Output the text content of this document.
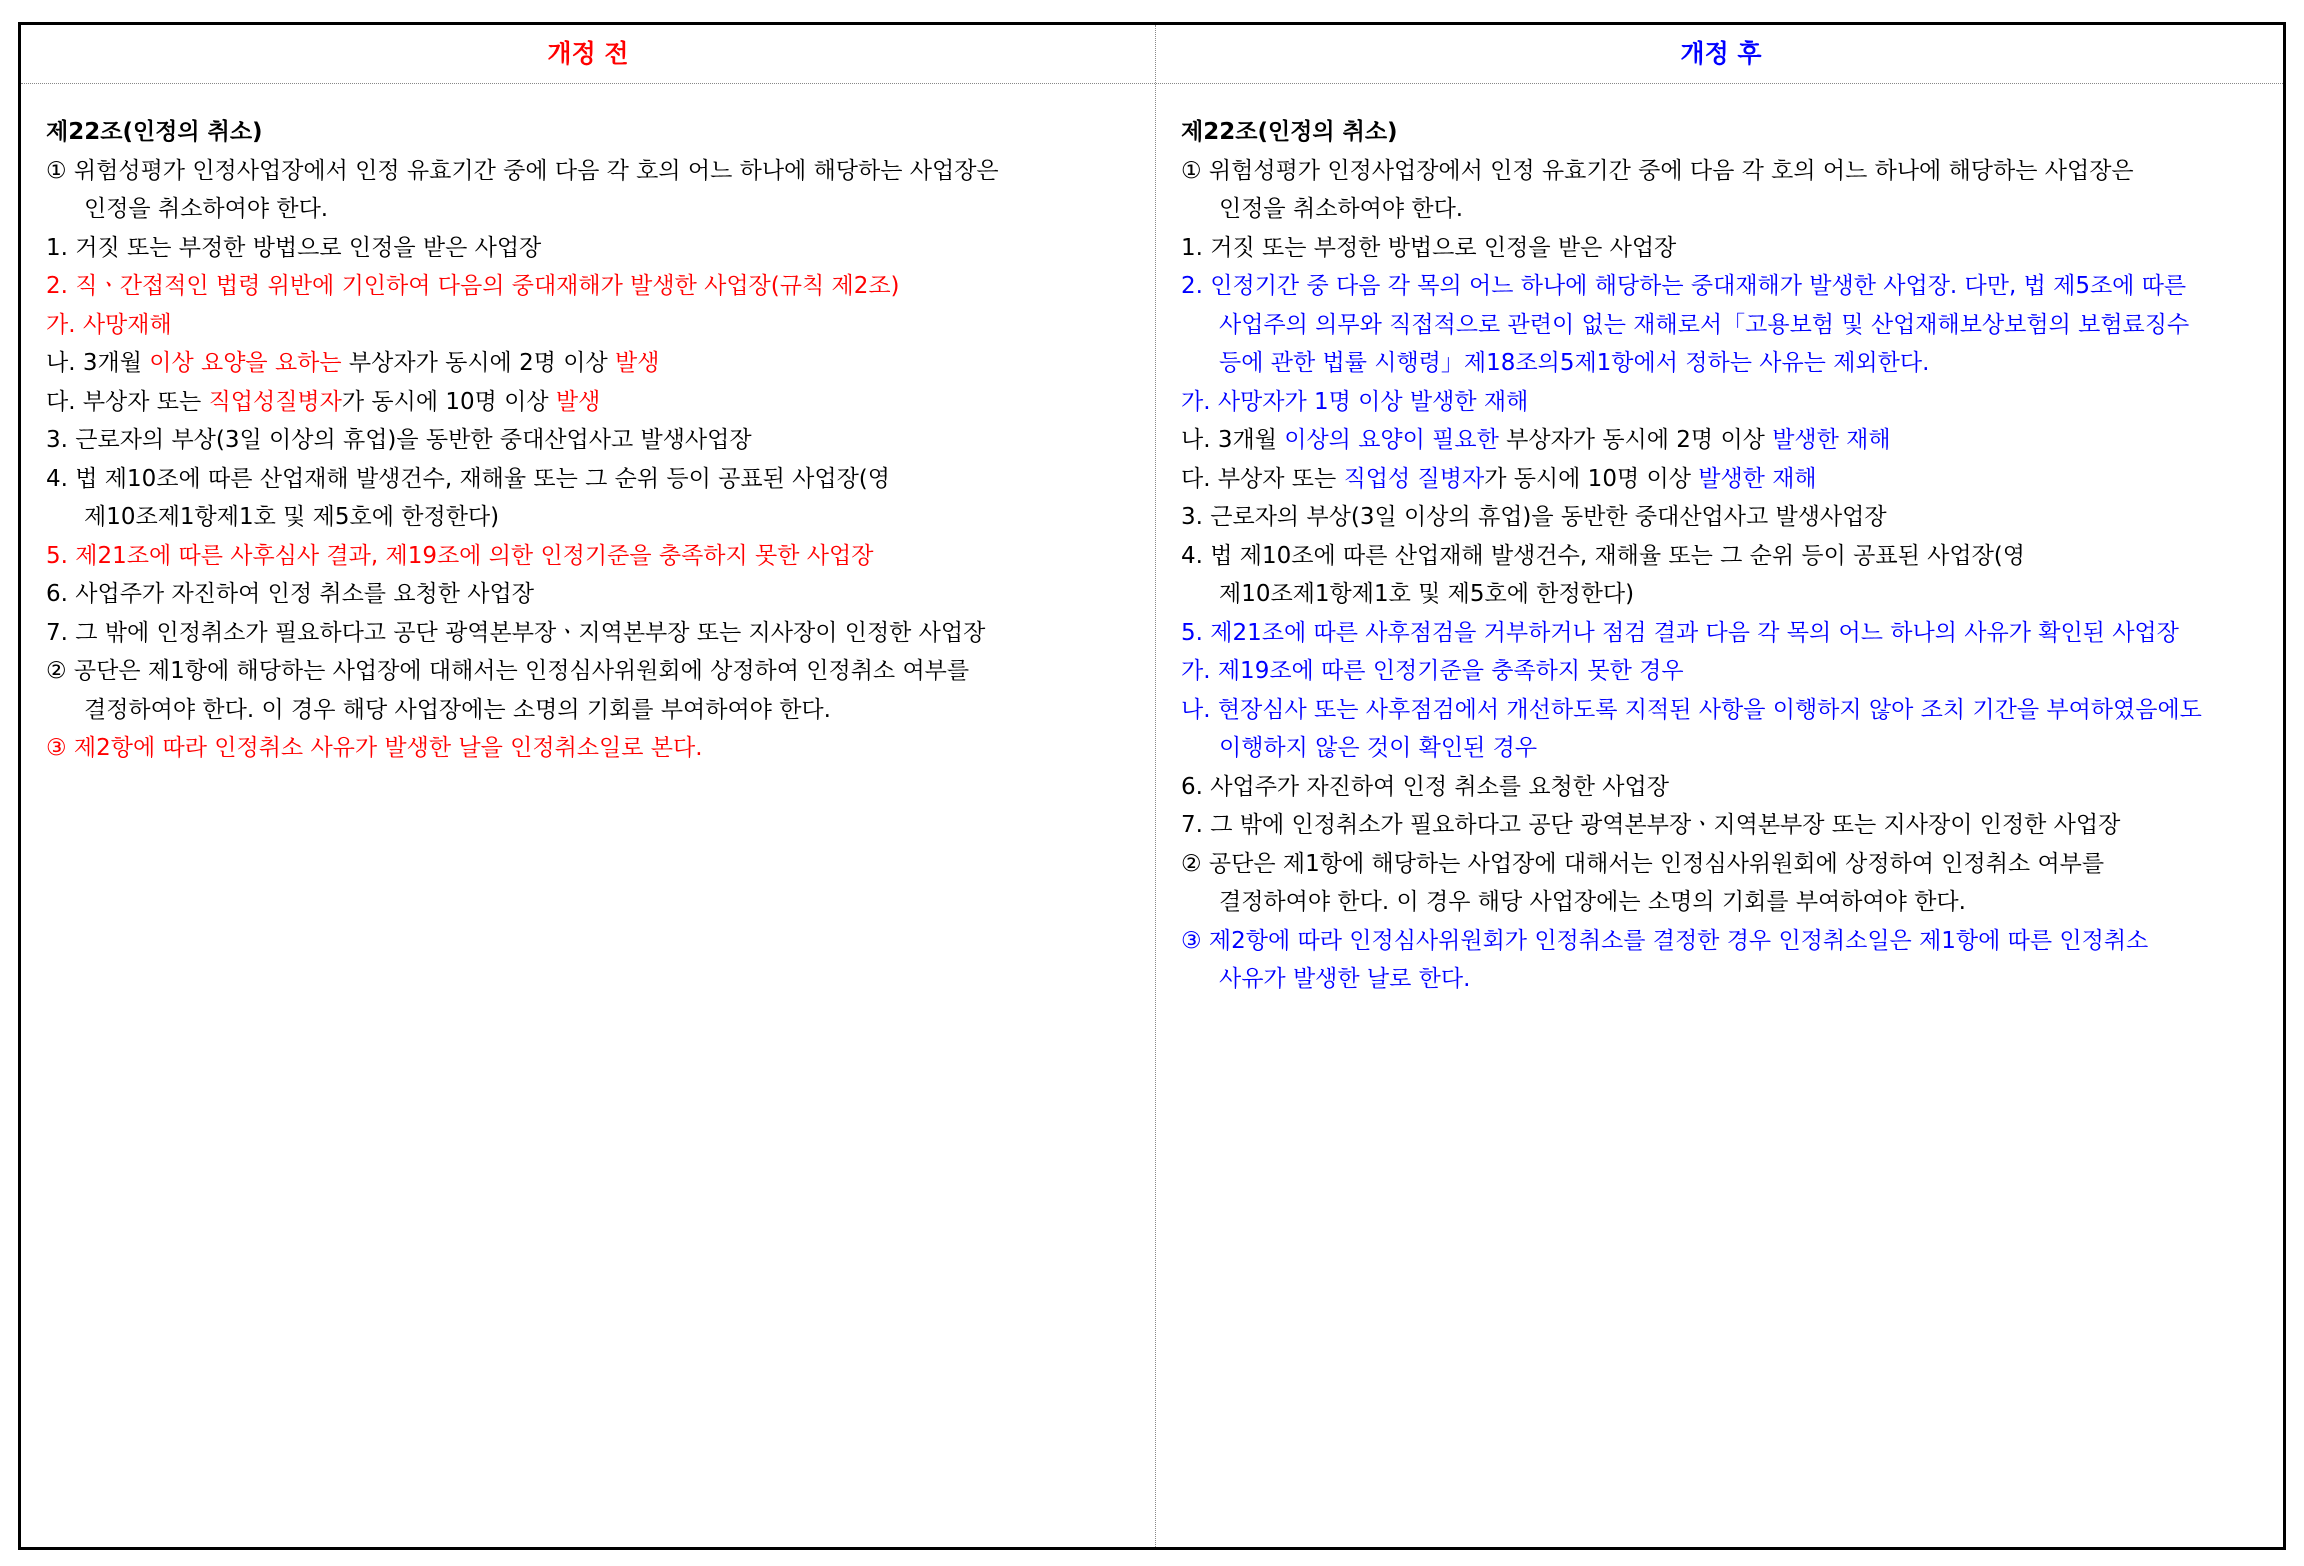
개정 전	개정 후
제22조(인정의 취소)
① 위험성평가 인정사업장에서 인정 유효기간 중에 다음 각 호의 어느 하나에 해당하는 사업장은
인정을 취소하여야 한다.
1. 거짓 또는 부정한 방법으로 인정을 받은 사업장
2. 직ㆍ간접적인 법령 위반에 기인하여 다음의 중대재해가 발생한 사업장(규칙 제2조)
가. 사망재해
나. 3개월 이상 요양을 요하는 부상자가 동시에 2명 이상 발생
다. 부상자 또는 직업성질병자가 동시에 10명 이상 발생
3. 근로자의 부상(3일 이상의 휴업)을 동반한 중대산업사고 발생사업장
4. 법 제10조에 따른 산업재해 발생건수, 재해율 또는 그 순위 등이 공표된 사업장(영
제10조제1항제1호 및 제5호에 한정한다)
5. 제21조에 따른 사후심사 결과, 제19조에 의한 인정기준을 충족하지 못한 사업장
6. 사업주가 자진하여 인정 취소를 요청한 사업장
7. 그 밖에 인정취소가 필요하다고 공단 광역본부장ㆍ지역본부장 또는 지사장이 인정한 사업장
② 공단은 제1항에 해당하는 사업장에 대해서는 인정심사위원회에 상정하여 인정취소 여부를
결정하여야 한다. 이 경우 해당 사업장에는 소명의 기회를 부여하여야 한다.
③ 제2항에 따라 인정취소 사유가 발생한 날을 인정취소일로 본다.
제22조(인정의 취소)
① 위험성평가 인정사업장에서 인정 유효기간 중에 다음 각 호의 어느 하나에 해당하는 사업장은
인정을 취소하여야 한다.
1. 거짓 또는 부정한 방법으로 인정을 받은 사업장
2. 인정기간 중 다음 각 목의 어느 하나에 해당하는 중대재해가 발생한 사업장. 다만, 법 제5조에 따른
사업주의 의무와 직접적으로 관련이 없는 재해로서「고용보험 및 산업재해보상보험의 보험료징수
등에 관한 법률 시행령」제18조의5제1항에서 정하는 사유는 제외한다.
가. 사망자가 1명 이상 발생한 재해
나. 3개월 이상의 요양이 필요한 부상자가 동시에 2명 이상 발생한 재해
다. 부상자 또는 직업성 질병자가 동시에 10명 이상 발생한 재해
3. 근로자의 부상(3일 이상의 휴업)을 동반한 중대산업사고 발생사업장
4. 법 제10조에 따른 산업재해 발생건수, 재해율 또는 그 순위 등이 공표된 사업장(영
제10조제1항제1호 및 제5호에 한정한다)
5. 제21조에 따른 사후점검을 거부하거나 점검 결과 다음 각 목의 어느 하나의 사유가 확인된 사업장
가. 제19조에 따른 인정기준을 충족하지 못한 경우
나. 현장심사 또는 사후점검에서 개선하도록 지적된 사항을 이행하지 않아 조치 기간을 부여하였음에도
이행하지 않은 것이 확인된 경우
6. 사업주가 자진하여 인정 취소를 요청한 사업장
7. 그 밖에 인정취소가 필요하다고 공단 광역본부장ㆍ지역본부장 또는 지사장이 인정한 사업장
② 공단은 제1항에 해당하는 사업장에 대해서는 인정심사위원회에 상정하여 인정취소 여부를
결정하여야 한다. 이 경우 해당 사업장에는 소명의 기회를 부여하여야 한다.
③ 제2항에 따라 인정심사위원회가 인정취소를 결정한 경우 인정취소일은 제1항에 따른 인정취소
사유가 발생한 날로 한다.
